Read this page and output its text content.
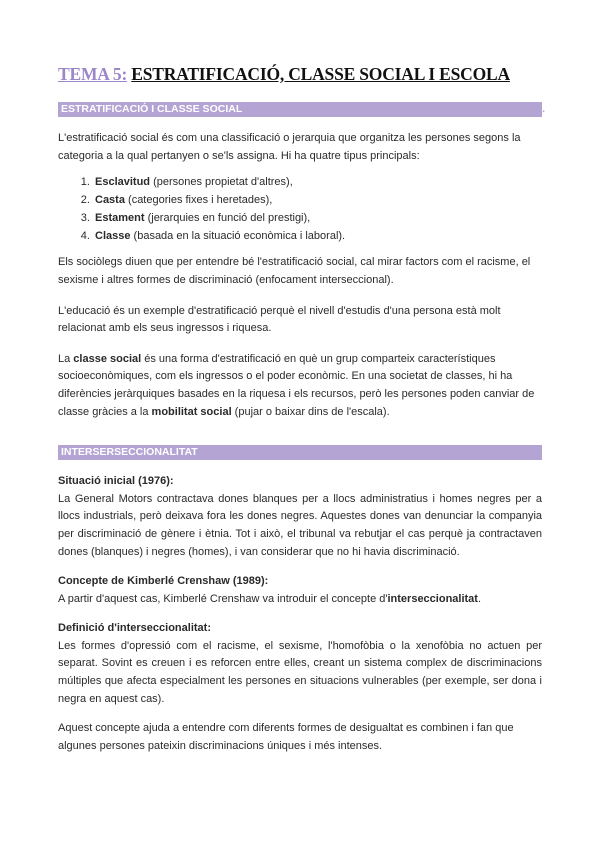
TEMA 5: ESTRATIFICACIÓ, CLASSE SOCIAL I ESCOLA
ESTRATIFICACIÓ I CLASSE SOCIAL	.

L'estratificació social és com una classificació o jerarquia que organitza les persones segons la categoria a la qual pertanyen o se'ls assigna. Hi ha quatre tipus principals:

1. Esclavitud (persones propietat d'altres),
2. Casta (categories fixes i heretades),
3. Estament (jerarquies en funció del prestigi),
4. Classe (basada en la situació econòmica i laboral).

Els sociòlegs diuen que per entendre bé l'estratificació social, cal mirar factors com el racisme, el sexisme i altres formes de discriminació (enfocament interseccional).

L'educació és un exemple d'estratificació perquè el nivell d'estudis d'una persona està molt relacionat amb els seus ingressos i riquesa.

La classe social és una forma d'estratificació en què un grup comparteix característiques socioeconòmiques, com els ingressos o el poder econòmic. En una societat de classes, hi ha diferències jeràrquiques basades en la riquesa i els recursos, però les persones poden canviar de classe gràcies a la mobilitat social (pujar o baixar dins de l'escala).

INTERSERSECCIONALITAT
Situació inicial (1976):

La General Motors contractava dones blanques per a llocs administratius i homes negres per a llocs industrials, però deixava fora les dones negres. Aquestes dones van denunciar la companyia per discriminació de gènere i ètnia. Tot i això, el tribunal va rebutjar el cas perquè ja contractaven dones (blanques) i negres (homes), i van considerar que no hi havia discriminació.

Concepte de Kimberlé Crenshaw (1989):

A partir d'aquest cas, Kimberlé Crenshaw va introduir el concepte d'interseccionalitat.

Definició d'interseccionalitat:

Les formes d'opressió com el racisme, el sexisme, l'homofòbia o la xenofòbia no actuen per separat. Sovint es creuen i es reforcen entre elles, creant un sistema complex de discriminacions múltiples que afecta especialment les persones en situacions vulnerables (per exemple, ser dona i negra en aquest cas).

Aquest concepte ajuda a entendre com diferents formes de desigualtat es combinen i fan que algunes persones pateixin discriminacions úniques i més intenses.
